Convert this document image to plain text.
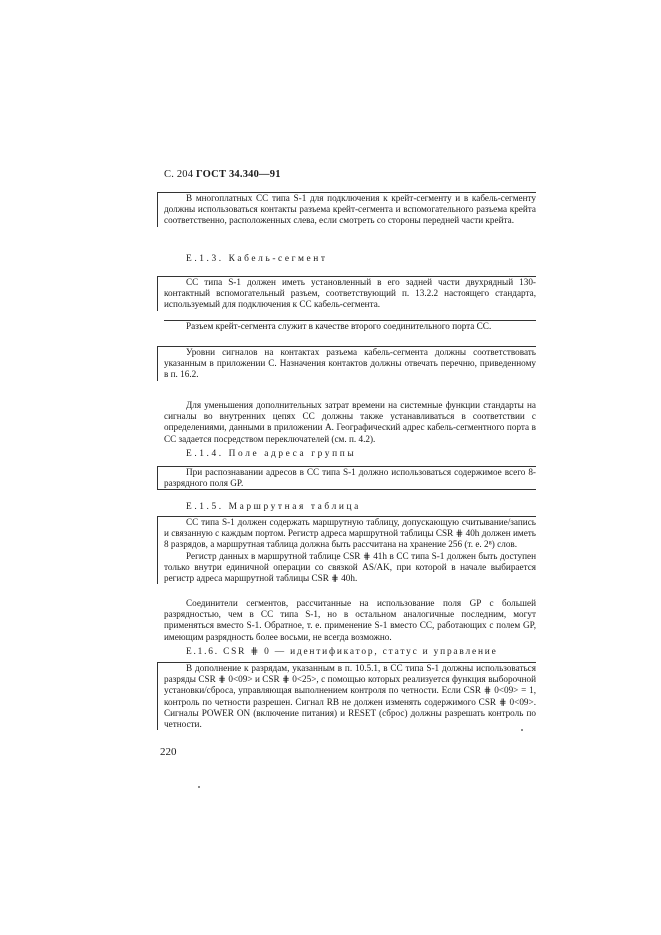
С. 204 ГОСТ 34.340—91

В многоплатных СС типа S-1 для подключения к крейт-сегменту и в кабель-сегменту должны использоваться контакты разъема крейт-сегмента и вспомогательного разъема крейта соответственно, расположенных слева, если смотреть со стороны передней части крейта.

Е.1.3. Кабель-сегмент

СС типа S-1 должен иметь установленный в его задней части двухрядный 130-контактный вспомогательный разъем, соответствующий п. 13.2.2 настоящего стандарта, используемый для подключения к СС кабель-сегмента.

Разъем крейт-сегмента служит в качестве второго соединительного порта СС.

Уровни сигналов на контактах разъема кабель-сегмента должны соответствовать указанным в приложении С. Назначения контактов должны отвечать перечню, приведенному в п. 16.2.

Для уменьшения дополнительных затрат времени на системные функции стандарты на сигналы во внутренних цепях СС должны также устанавливаться в соответствии с определениями, данными в приложении А. Географический адрес кабель-сегментного порта в СС задается посредством переключателей (см. п. 4.2).

Е.1.4. Поле адреса группы

При распознавании адресов в СС типа S-1 должно использоваться содержимое всего 8-разрядного поля GP.

Е.1.5. Маршрутная таблица

СС типа S-1 должен содержать маршрутную таблицу, допускающую считывание/запись и связанную с каждым портом. Регистр адреса маршрутной таблицы CSR ⋕ 40h должен иметь 8 разрядов, а маршрутная таблица должна быть рассчитана на хранение 256 (т. е. 2⁸) слов.

Регистр данных в маршрутной таблице CSR ⋕ 41h в СС типа S-1 должен быть доступен только внутри единичной операции со связкой AS/AK, при которой в начале выбирается регистр адреса маршрутной таблицы CSR ⋕ 40h.

Соединители сегментов, рассчитанные на использование поля GP с большей разрядностью, чем в СС типа S-1, но в остальном аналогичные последним, могут применяться вместо S-1. Обратное, т. е. применение S-1 вместо СС, работающих с полем GP, имеющим разрядность более восьми, не всегда возможно.

Е.1.6. CSR ⋕ 0 — идентификатор, статус и управление

В дополнение к разрядам, указанным в п. 10.5.1, в СС типа S-1 должны использоваться разряды CSR ⋕ 0<09> и CSR ⋕ 0<25>, с помощью которых реализуется функция выборочной установки/сброса, управляющая выполнением контроля по четности. Если CSR ⋕ 0<09> = 1, контроль по четности разрешен. Сигнал RB не должен изменять содержимого CSR ⋕ 0<09>. Сигналы POWER ON (включение питания) и RESET (сброс) должны разрешать контроль по четности.

220
